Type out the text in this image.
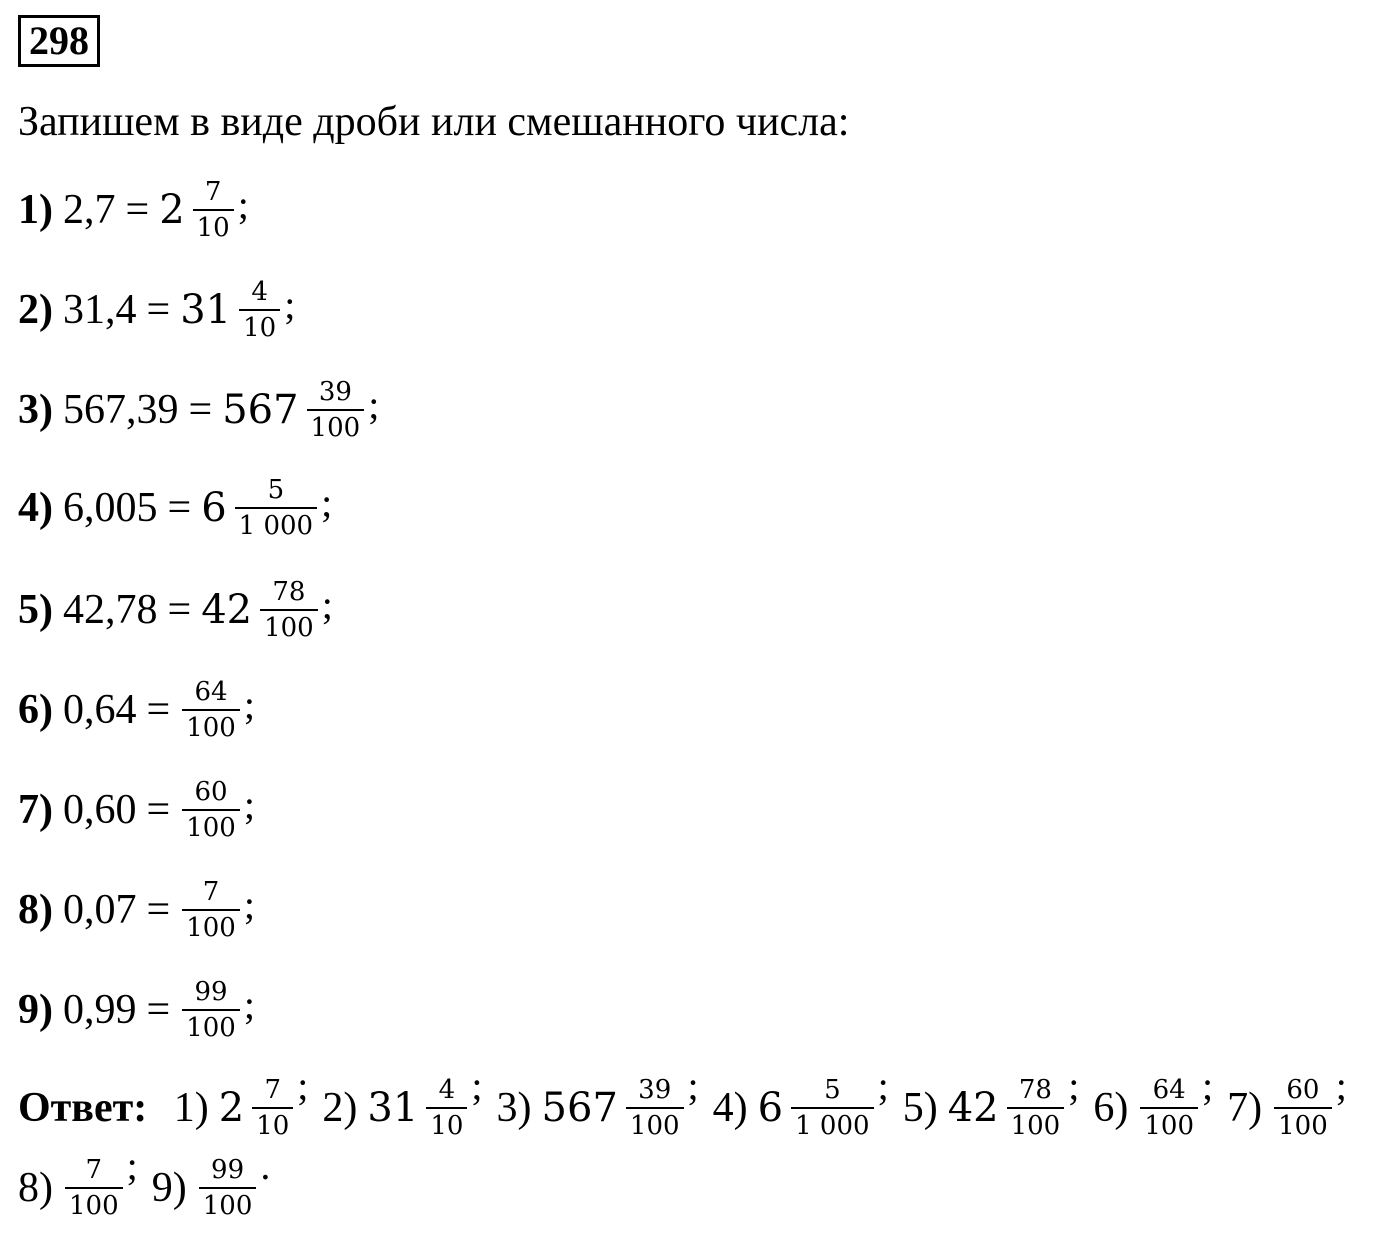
298
Запишем в виде дроби или смешанного числа:
1) $2,7 = 2 \frac{7}{10}$ ;
2) $31,4 = 31 \frac{4}{10}$ ;
3) $567,39 = 567 \frac{39}{100}$ ;
4) $6,005 = 6 \frac{5}{1 000}$ ;
5) $42,78 = 42 \frac{78}{100}$ ;
6) $0,64 = \frac{64}{100}$ ;
7) $0,60 = \frac{60}{100}$ ;
8) $0,07 = \frac{7}{100}$ ;
9) $0,99 = \frac{99}{100}$ ;
Ответ: 1) $2 \frac{7}{10}$ ; 2) $31 \frac{4}{10}$ ; 3) $567 \frac{39}{100}$ ; 4) $6 \frac{5}{1 000}$ ; 5) $42 \frac{78}{100}$ ; $6) \frac{64}{100}$ ; $7) \frac{60}{100}$ ;
$8) \frac{7}{100}$ ; $9) \frac{99}{100}$ .
